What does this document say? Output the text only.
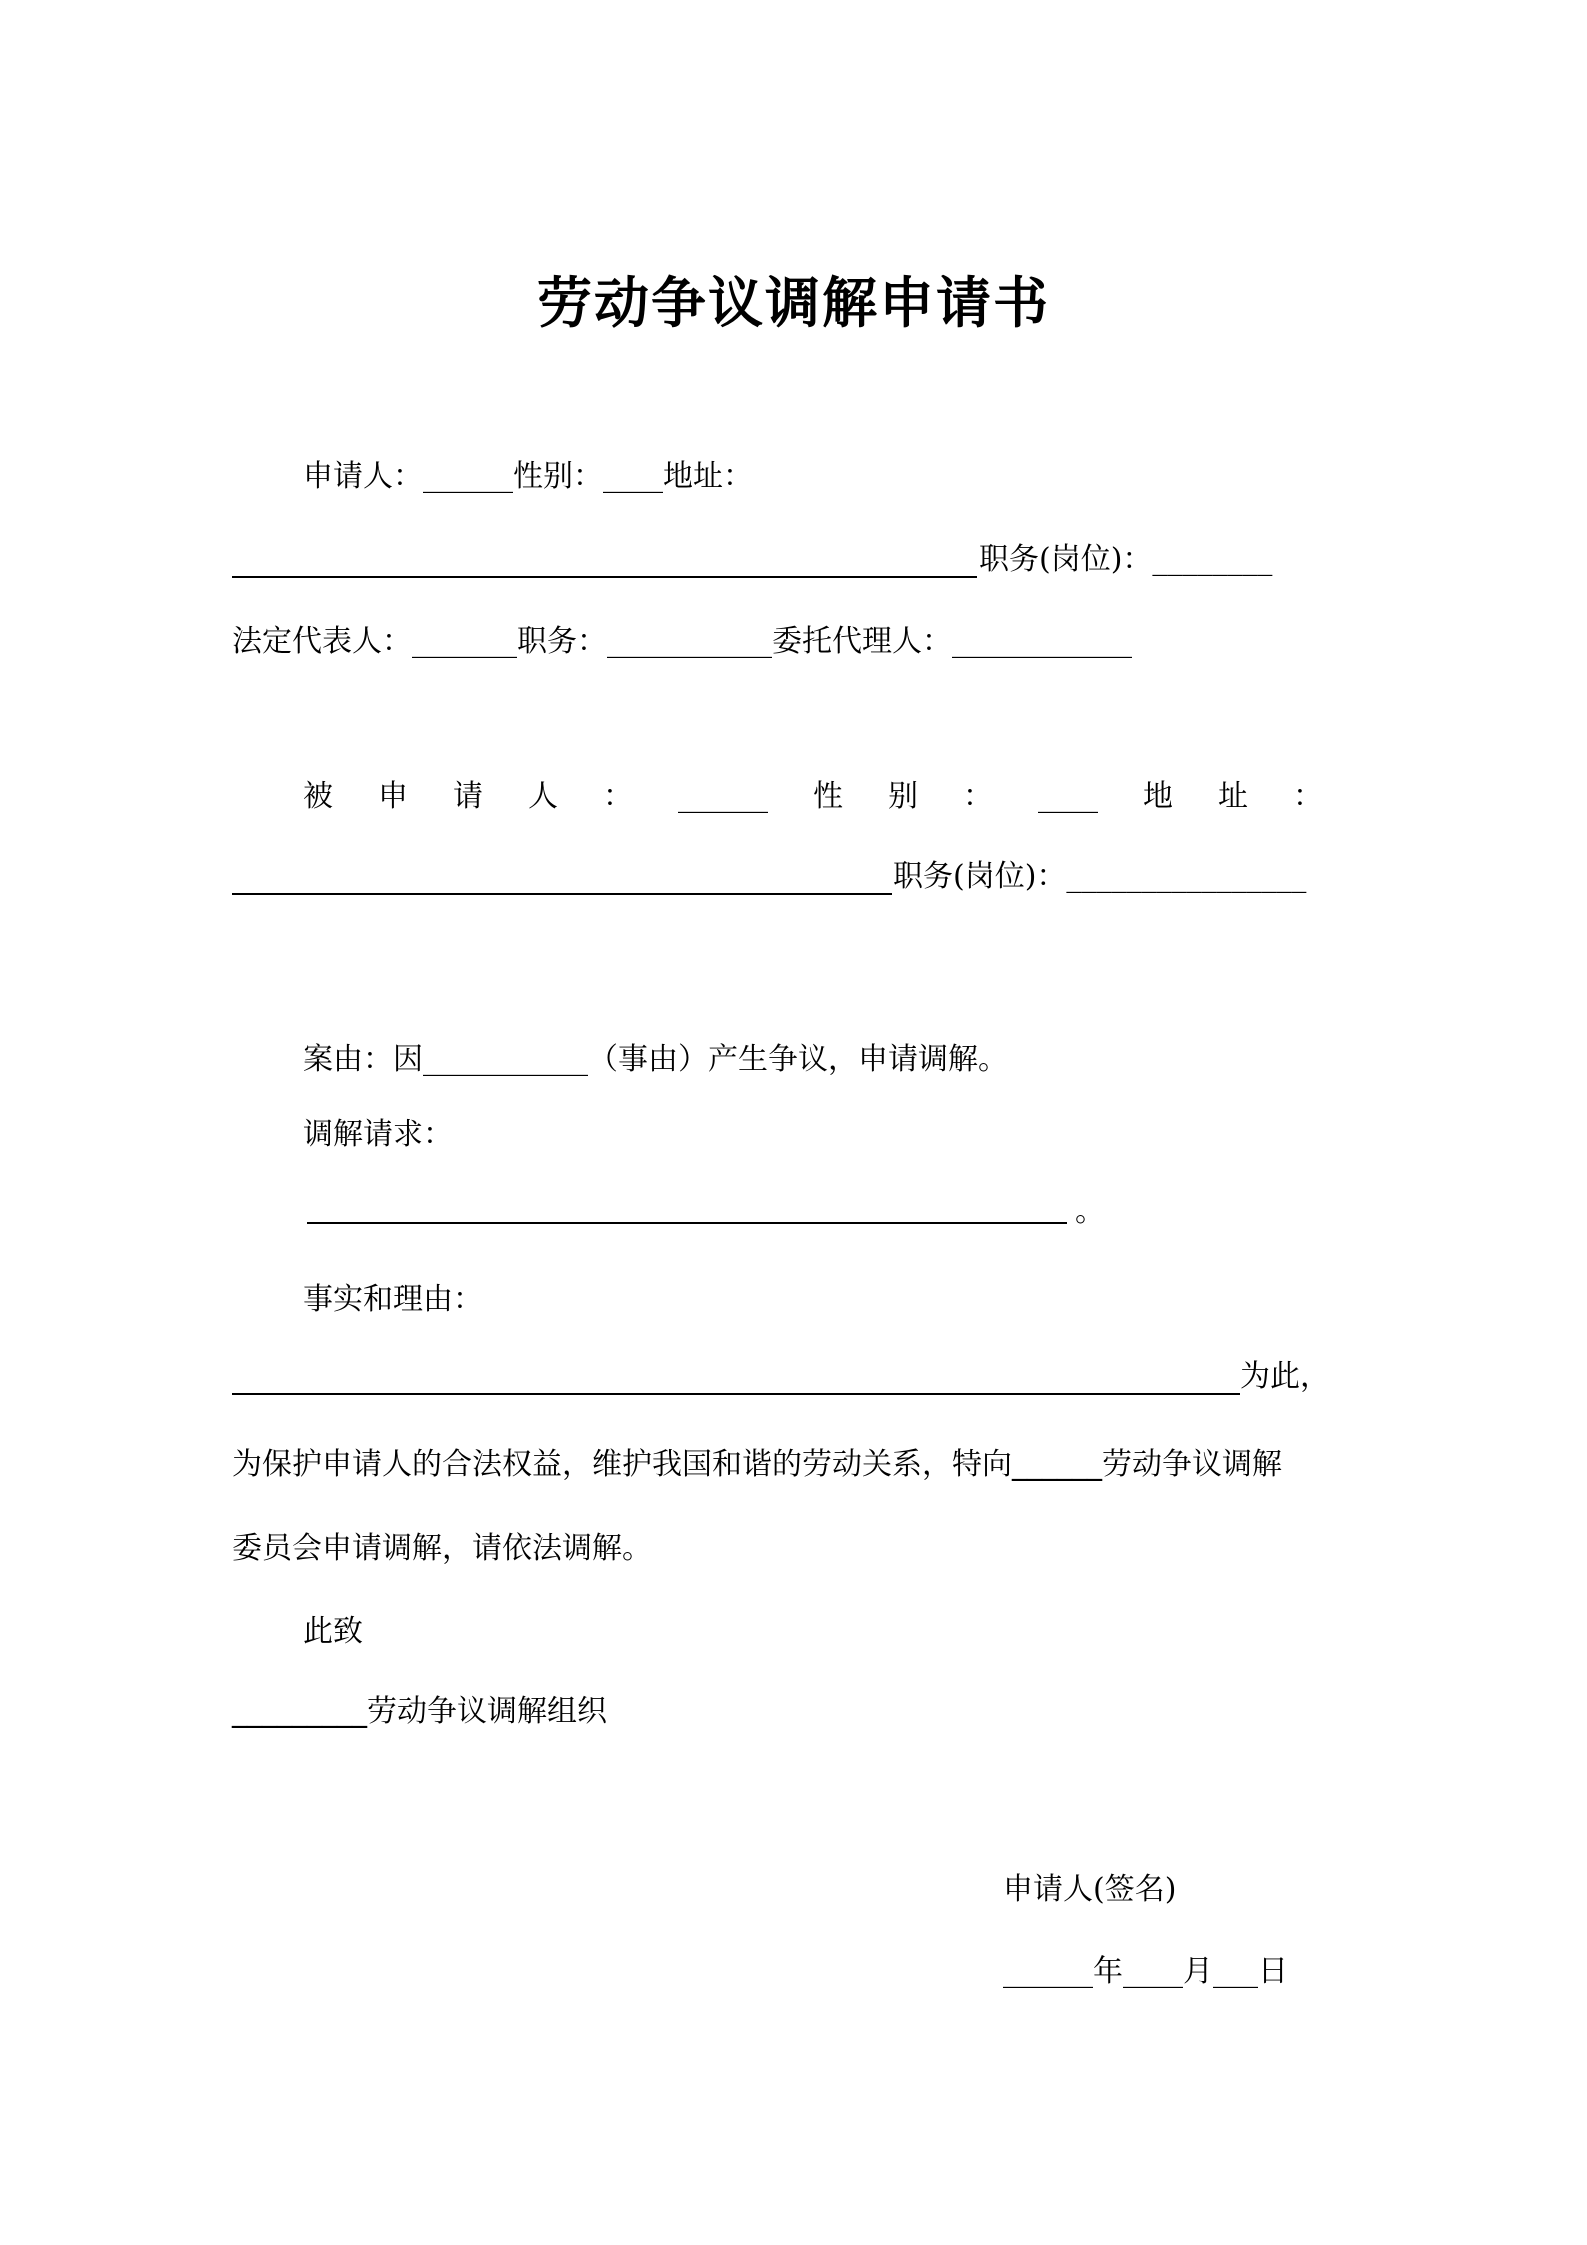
劳动争议调解申请书
申请人：______性别：____地址：
职务(岗位)：________
法定代表人：_______职务：___________委托代理人：____________
被 申 请 人 ： ______ 性 别 ： ____ 地 址 ：
职务(岗位)：________________
案由：因___________（事由）产生争议，申请调解。
调解请求：
。
事实和理由：
为此，
为保护申请人的合法权益，维护我国和谐的劳动关系，特向______劳动争议调解
委员会申请调解，请依法调解。
此致
_________劳动争议调解组织
申请人(签名)
______年____月___日
